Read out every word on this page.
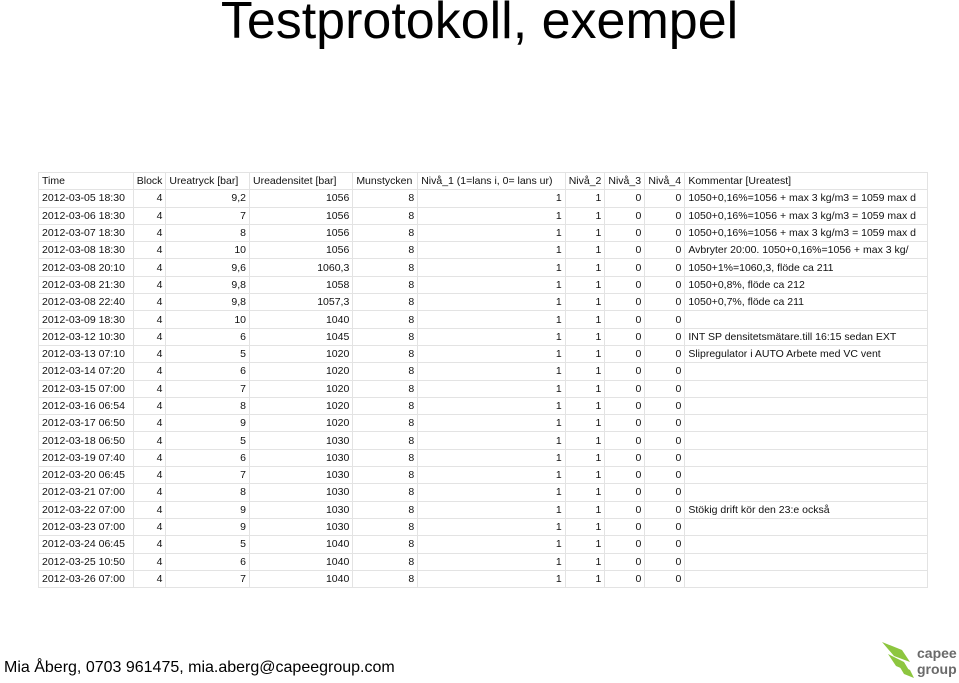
Testprotokoll, exempel
Time	Block	Ureatryck [bar]	Ureadensitet [bar]	Munstycken	Nivå_1 (1=lans i, 0= lans ur)	Nivå_2	Nivå_3	Nivå_4	Kommentar [Ureatest]
2012-03-05 18:30	4	9,2	1056	8	1	1	0	0	1050+0,16%=1056 + max 3 kg/m3 = 1059 max d
2012-03-06 18:30	4	7	1056	8	1	1	0	0	1050+0,16%=1056 + max 3 kg/m3 = 1059 max d
2012-03-07 18:30	4	8	1056	8	1	1	0	0	1050+0,16%=1056 + max 3 kg/m3 = 1059 max d
2012-03-08 18:30	4	10	1056	8	1	1	0	0	Avbryter 20:00. 1050+0,16%=1056 + max 3 kg/
2012-03-08 20:10	4	9,6	1060,3	8	1	1	0	0	1050+1%=1060,3, flöde ca 211
2012-03-08 21:30	4	9,8	1058	8	1	1	0	0	1050+0,8%, flöde ca 212
2012-03-08 22:40	4	9,8	1057,3	8	1	1	0	0	1050+0,7%, flöde ca 211
2012-03-09 18:30	4	10	1040	8	1	1	0	0	
2012-03-12 10:30	4	6	1045	8	1	1	0	0	INT SP densitetsmätare.till 16:15 sedan EXT
2012-03-13 07:10	4	5	1020	8	1	1	0	0	Slipregulator i AUTO Arbete med VC vent
2012-03-14 07:20	4	6	1020	8	1	1	0	0	
2012-03-15 07:00	4	7	1020	8	1	1	0	0	
2012-03-16 06:54	4	8	1020	8	1	1	0	0	
2012-03-17 06:50	4	9	1020	8	1	1	0	0	
2012-03-18 06:50	4	5	1030	8	1	1	0	0	
2012-03-19 07:40	4	6	1030	8	1	1	0	0	
2012-03-20 06:45	4	7	1030	8	1	1	0	0	
2012-03-21 07:00	4	8	1030	8	1	1	0	0	
2012-03-22 07:00	4	9	1030	8	1	1	0	0	Stökig drift kör den 23:e också
2012-03-23 07:00	4	9	1030	8	1	1	0	0	
2012-03-24 06:45	4	5	1040	8	1	1	0	0	
2012-03-25 10:50	4	6	1040	8	1	1	0	0	
2012-03-26 07:00	4	7	1040	8	1	1	0	0	
Mia Åberg, 0703 961475, mia.aberg@capeegroup.com
capee
group
